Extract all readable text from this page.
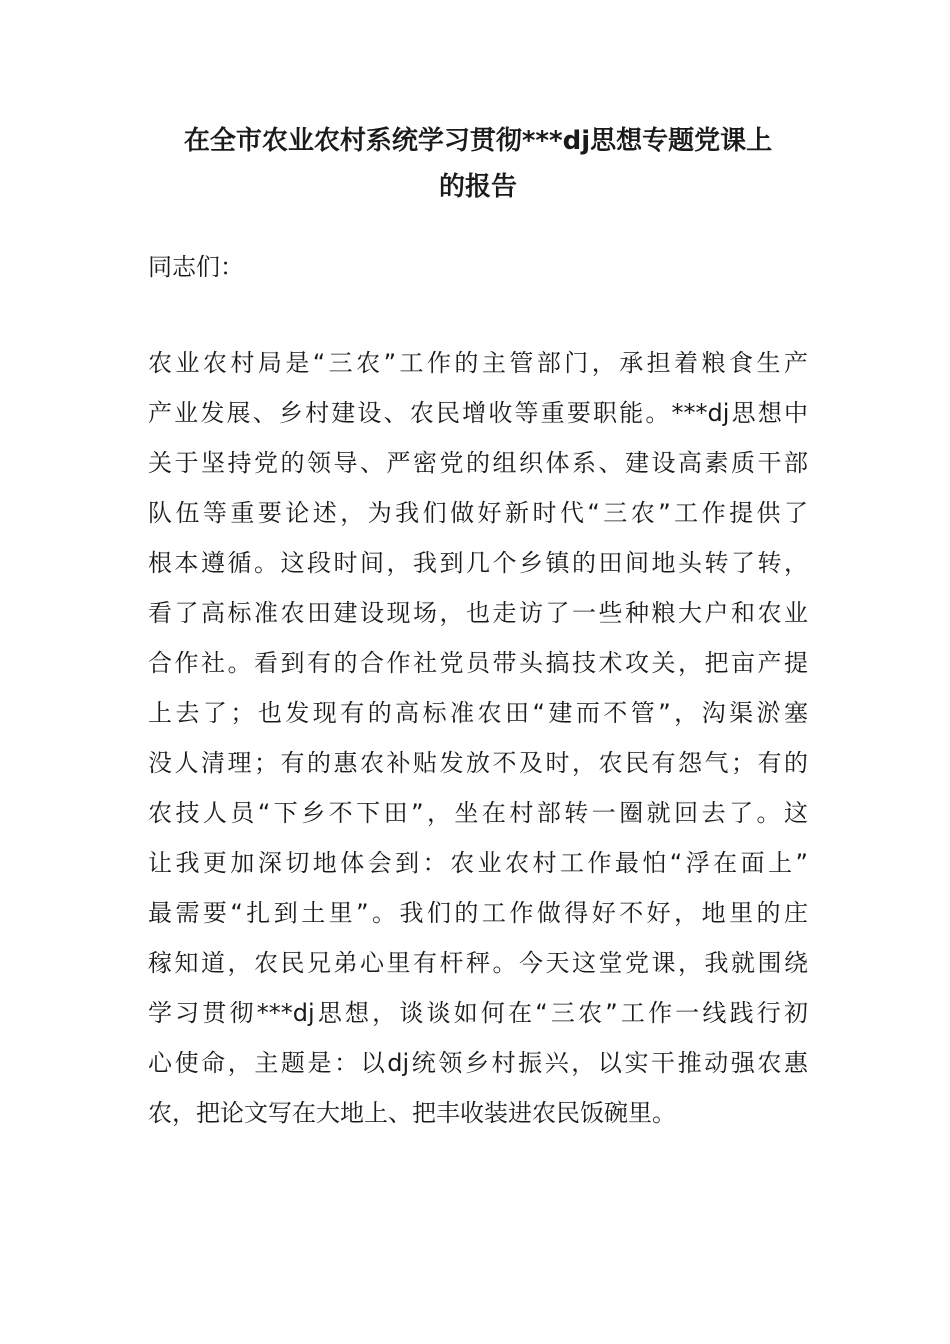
在全市农业农村系统学习贯彻***dj思想专题党课上
的报告

同志们：

农业农村局是“三农”工作的主管部门，承担着粮食生产
产业发展、乡村建设、农民增收等重要职能。***dj思想中
关于坚持党的领导、严密党的组织体系、建设高素质干部
队伍等重要论述，为我们做好新时代“三农”工作提供了
根本遵循。这段时间，我到几个乡镇的田间地头转了转，
看了高标准农田建设现场，也走访了一些种粮大户和农业
合作社。看到有的合作社党员带头搞技术攻关，把亩产提
上去了；也发现有的高标准农田“建而不管”，沟渠淤塞
没人清理；有的惠农补贴发放不及时，农民有怨气；有的
农技人员“下乡不下田”，坐在村部转一圈就回去了。这
让我更加深切地体会到：农业农村工作最怕“浮在面上”
最需要“扎到土里”。我们的工作做得好不好，地里的庄
稼知道，农民兄弟心里有杆秤。今天这堂党课，我就围绕
学习贯彻***dj思想，谈谈如何在“三农”工作一线践行初
心使命，主题是：以dj统领乡村振兴，以实干推动强农惠
农，把论文写在大地上、把丰收装进农民饭碗里。
